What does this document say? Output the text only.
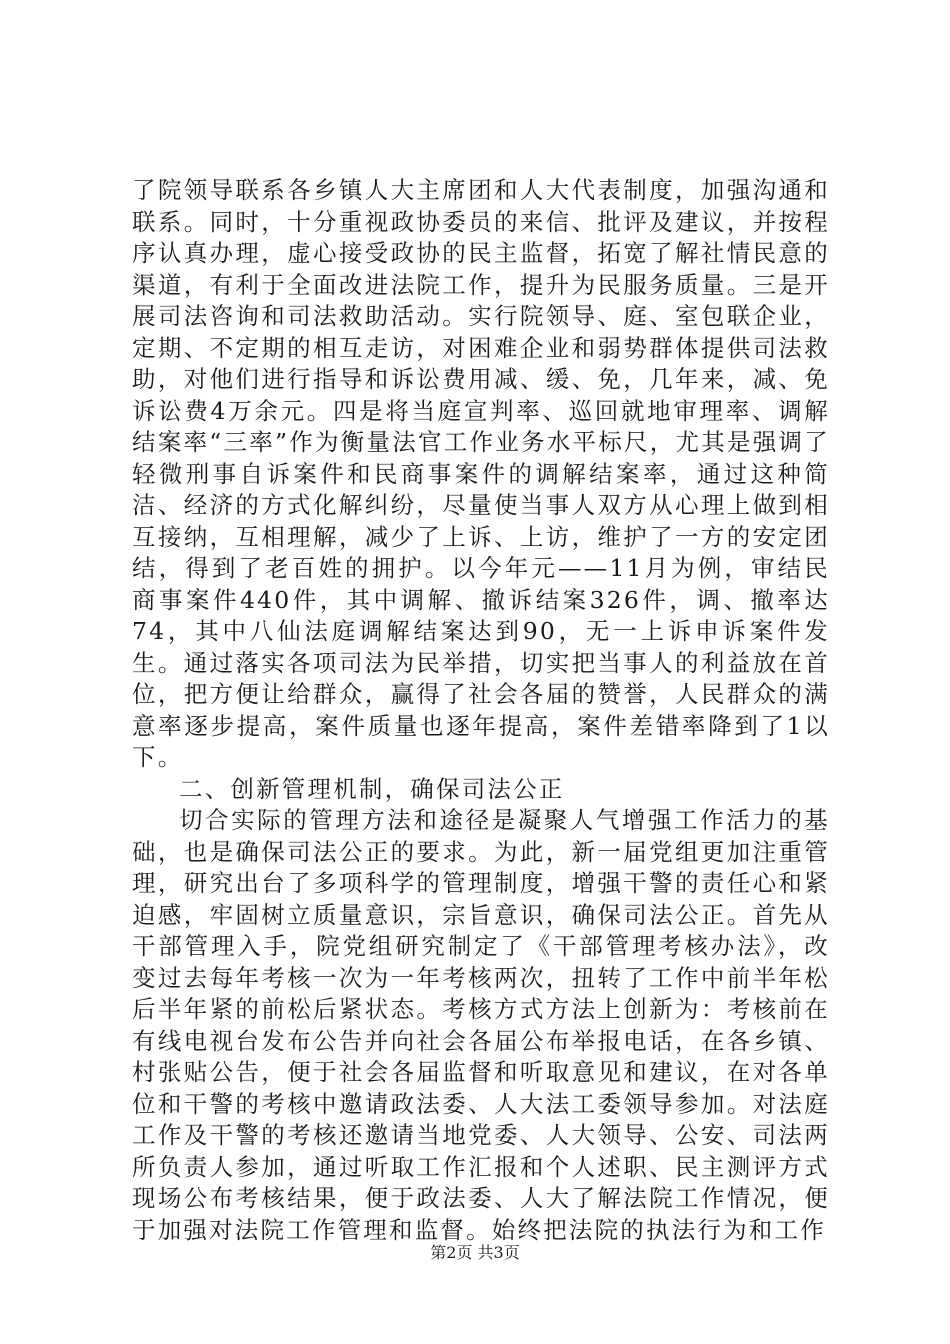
了院领导联系各乡镇人大主席团和人大代表制度，加强沟通和联系。同时，十分重视政协委员的来信、批评及建议，并按程序认真办理，虚心接受政协的民主监督，拓宽了解社情民意的渠道，有利于全面改进法院工作，提升为民服务质量。三是开展司法咨询和司法救助活动。实行院领导、庭、室包联企业，定期、不定期的相互走访，对困难企业和弱势群体提供司法救助，对他们进行指导和诉讼费用减、缓、免，几年来，减、免诉讼费4万余元。四是将当庭宣判率、巡回就地审理率、调解结案率“三率”作为衡量法官工作业务水平标尺，尤其是强调了轻微刑事自诉案件和民商事案件的调解结案率，通过这种简洁、经济的方式化解纠纷，尽量使当事人双方从心理上做到相互接纳，互相理解，减少了上诉、上访，维护了一方的安定团结，得到了老百姓的拥护。以今年元——11月为例，审结民商事案件440件，其中调解、撤诉结案326件，调、撤率达74，其中八仙法庭调解结案达到90，无一上诉申诉案件发生。通过落实各项司法为民举措，切实把当事人的利益放在首位，把方便让给群众，赢得了社会各届的赞誉，人民群众的满意率逐步提高，案件质量也逐年提高，案件差错率降到了1以下。

二、创新管理机制，确保司法公正

切合实际的管理方法和途径是凝聚人气增强工作活力的基础，也是确保司法公正的要求。为此，新一届党组更加注重管理，研究出台了多项科学的管理制度，增强干警的责任心和紧迫感，牢固树立质量意识，宗旨意识，确保司法公正。首先从干部管理入手，院党组研究制定了《干部管理考核办法》，改变过去每年考核一次为一年考核两次，扭转了工作中前半年松后半年紧的前松后紧状态。考核方式方法上创新为：考核前在有线电视台发布公告并向社会各届公布举报电话，在各乡镇、村张贴公告，便于社会各届监督和听取意见和建议，在对各单位和干警的考核中邀请政法委、人大法工委领导参加。对法庭工作及干警的考核还邀请当地党委、人大领导、公安、司法两所负责人参加，通过听取工作汇报和个人述职、民主测评方式现场公布考核结果，便于政法委、人大了解法院工作情况，便于加强对法院工作管理和监督。始终把法院的执法行为和工作

第2页 共3页
